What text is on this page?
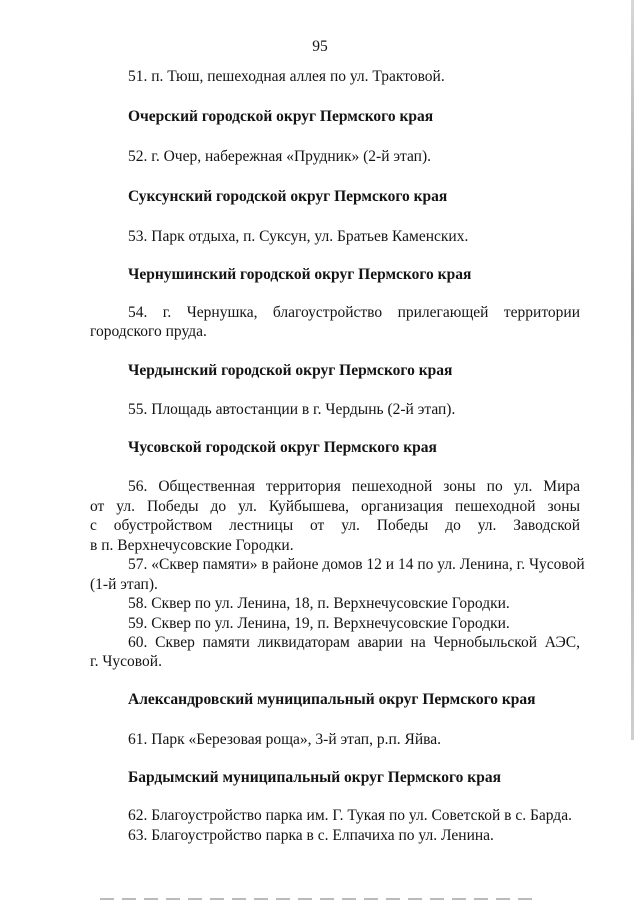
95
51. п. Тюш, пешеходная аллея по ул. Трактовой.
Очерский городской округ Пермского края
52. г. Очер, набережная «Прудник» (2-й этап).
Суксунский городской округ Пермского края
53. Парк отдыха, п. Суксун, ул. Братьев Каменских.
Чернушинский городской округ Пермского края
54. г. Чернушка, благоустройство прилегающей территории
городского пруда.
Чердынский городской округ Пермского края
55. Площадь автостанции в г. Чердынь (2-й этап).
Чусовской городской округ Пермского края
56. Общественная территория пешеходной зоны по ул. Мира
от ул. Победы до ул. Куйбышева, организация пешеходной зоны
с обустройством лестницы от ул. Победы до ул. Заводской
в п. Верхнечусовские Городки.
57. «Сквер памяти» в районе домов 12 и 14 по ул. Ленина, г. Чусовой
(1-й этап).
58. Сквер по ул. Ленина, 18, п. Верхнечусовские Городки.
59. Сквер по ул. Ленина, 19, п. Верхнечусовские Городки.
60. Сквер памяти ликвидаторам аварии на Чернобыльской АЭС,
г. Чусовой.
Александровский муниципальный округ Пермского края
61. Парк «Березовая роща», 3-й этап, р.п. Яйва.
Бардымский муниципальный округ Пермского края
62. Благоустройство парка им. Г. Тукая по ул. Советской в с. Барда.
63. Благоустройство парка в с. Елпачиха по ул. Ленина.
